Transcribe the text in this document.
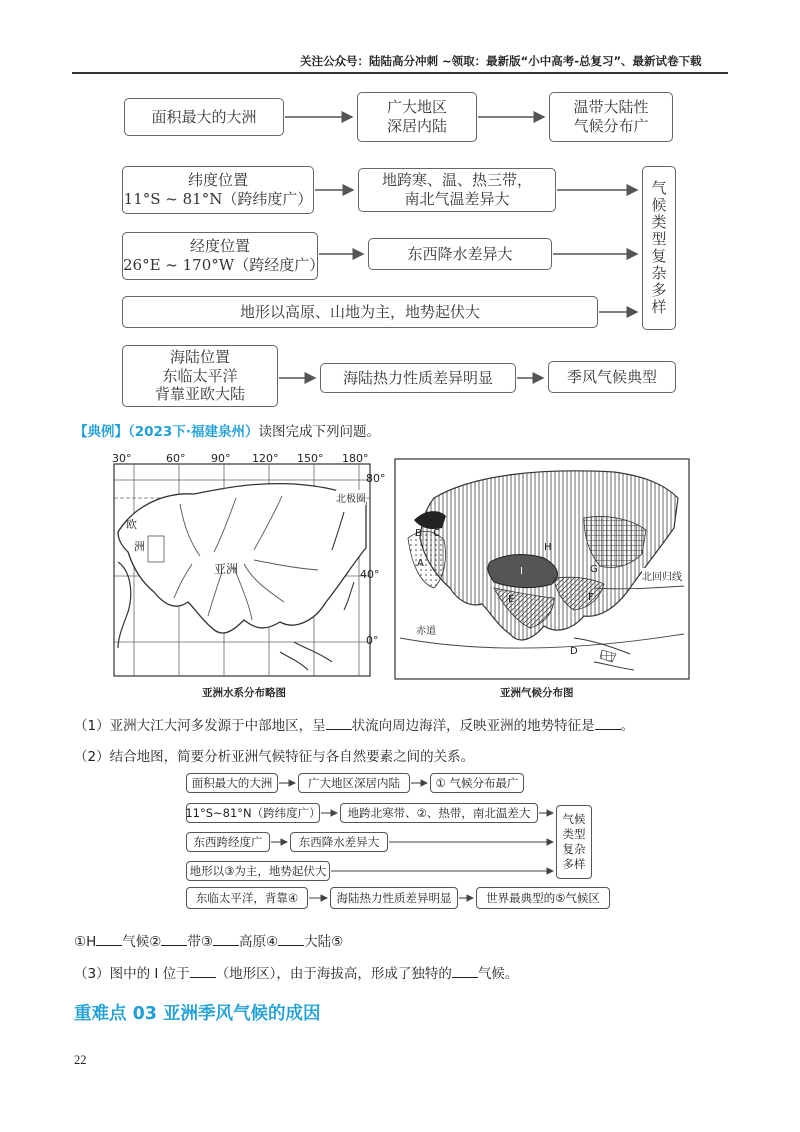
关注公众号：陆陆高分冲刺 ~领取：最新版“小中高考-总复习”、最新试卷下载
面积最大的大洲
广大地区
深居内陆
温带大陆性
气候分布广
纬度位置
11°S ~ 81°N（跨纬度广）
地跨寒、温、热三带，
南北气温差异大
经度位置
26°E ~ 170°W（跨经度广）
东西降水差异大
地形以高原、山地为主，地势起伏大
海陆位置
东临太平洋
背靠亚欧大陆
海陆热力性质差异明显	季风气候典型
气候类型复杂多样
【典例】（2023下·福建泉州）读图完成下列问题。
30°	60° 90° 120° 150° 180°
80°
40°
0°
北极圈
欧
洲
亚洲
亚洲水系分布略图
B
A
C
H
I	G
E	F
D
赤道
北回归线
亚洲气候分布图
（1）亚洲大江大河多发源于中部地区，呈 状流向周边海洋，反映亚洲的地势特征是 。
（2）结合地图，简要分析亚洲气候特征与各自然要素之间的关系。
面积最大的大洲	广大地区深居内陆	① 气候分布最广
11°S~81°N（跨纬度广）	地跨北寒带、②、热带，南北温差大
东西跨经度广	东西降水差异大
地形以③为主，地势起伏大
东临太平洋，背靠④	海陆热力性质差异明显	世界最典型的⑤气候区
气候
类型
复杂
多样
①H 气候② 带③ 高原④ 大陆⑤
（3）图中的 I 位于 （地形区），由于海拔高，形成了独特的 气候。
重难点 03 亚洲季风气候的成因
22
